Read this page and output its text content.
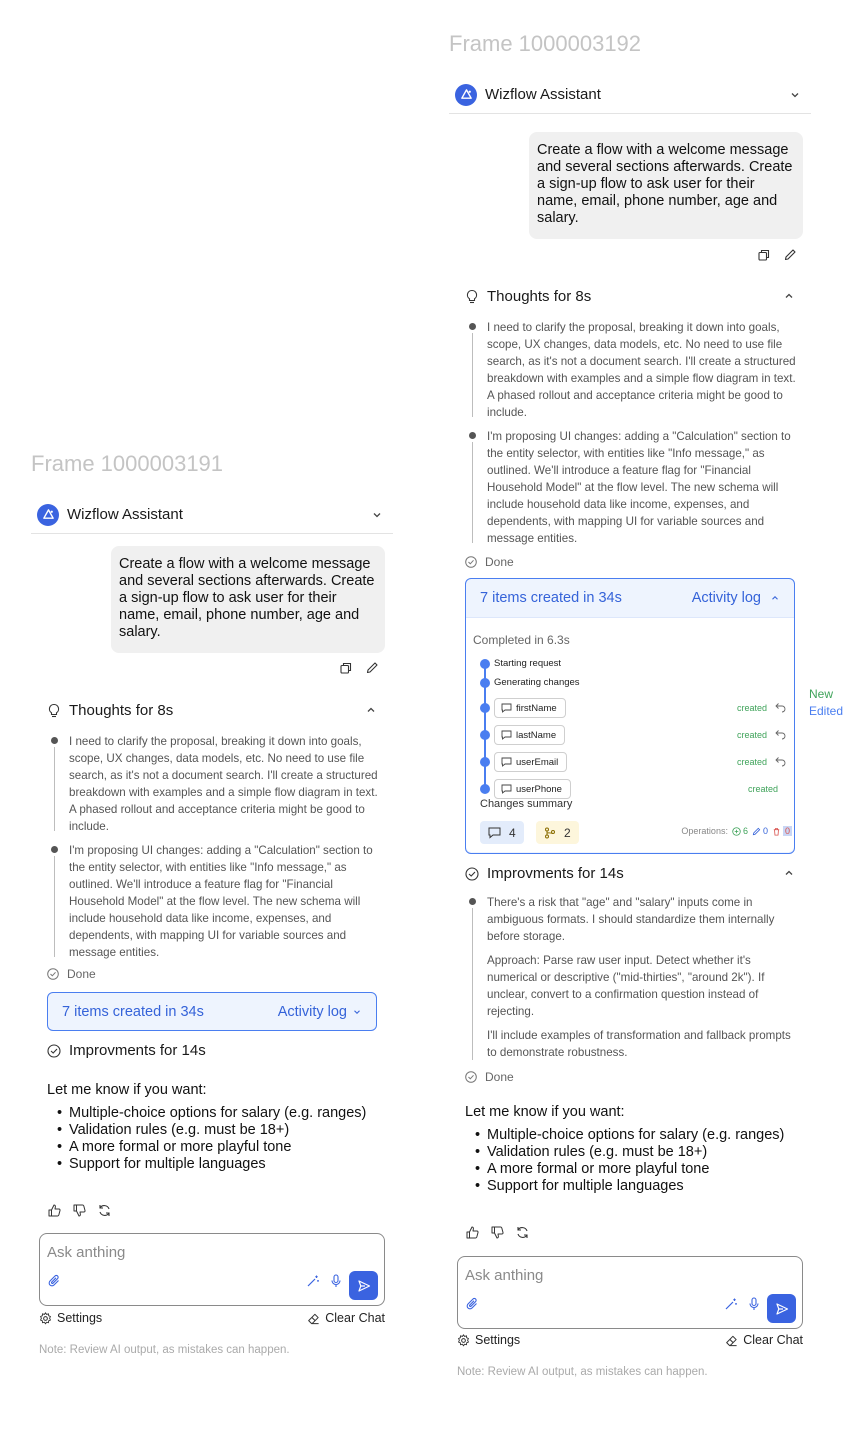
Frame 1000003191
Wizflow Assistant
Create a flow with a welcome message and several sections afterwards. Create a sign-up flow to ask user for their name, email, phone number, age and salary.
Thoughts for 8s

I need to clarify the proposal, breaking it down into goals, scope, UX changes, data models, etc. No need to use file search, as it's not a document search. I'll create a structured breakdown with examples and a simple flow diagram in text. A phased rollout and acceptance criteria might be good to include.

I'm proposing UI changes: adding a "Calculation" section to the entity selector, with entities like "Info message," as outlined. We'll introduce a feature flag for "Financial Household Model" at the flow level. The new schema will include household data like income, expenses, and dependents, with mapping UI for variable sources and message entities.

Done
7 items created in 34s	Activity log
Improvments for 14s
Let me know if you want:
• Multiple-choice options for salary (e.g. ranges)
• Validation rules (e.g. must be 18+)
• A more formal or more playful tone
• Support for multiple languages
Ask anthing
Settings	Clear Chat
Note: Review AI output, as mistakes can happen.
Frame 1000003192
Wizflow Assistant
Create a flow with a welcome message and several sections afterwards. Create a sign-up flow to ask user for their name, email, phone number, age and salary.
Thoughts for 8s

I need to clarify the proposal, breaking it down into goals, scope, UX changes, data models, etc. No need to use file search, as it's not a document search. I'll create a structured breakdown with examples and a simple flow diagram in text. A phased rollout and acceptance criteria might be good to include.

I'm proposing UI changes: adding a "Calculation" section to the entity selector, with entities like "Info message," as outlined. We'll introduce a feature flag for "Financial Household Model" at the flow level. The new schema will include household data like income, expenses, and dependents, with mapping UI for variable sources and message entities.

Done
7 items created in 34s	Activity log
Completed in 6.3s
Starting request
Generating changes
firstName	created
lastName	created
userEmail	created
userPhone	created
Changes summary
4	2	Operations: 6 0 0
Improvments for 14s

There's a risk that "age" and "salary" inputs come in ambiguous formats. I should standardize them internally before storage.

Approach: Parse raw user input. Detect whether it's numerical or descriptive ("mid-thirties", "around 2k"). If unclear, convert to a confirmation question instead of rejecting.

I'll include examples of transformation and fallback prompts to demonstrate robustness.

Done
Let me know if you want:
• Multiple-choice options for salary (e.g. ranges)
• Validation rules (e.g. must be 18+)
• A more formal or more playful tone
• Support for multiple languages
Ask anthing
Settings	Clear Chat
Note: Review AI output, as mistakes can happen.
New
Edited
